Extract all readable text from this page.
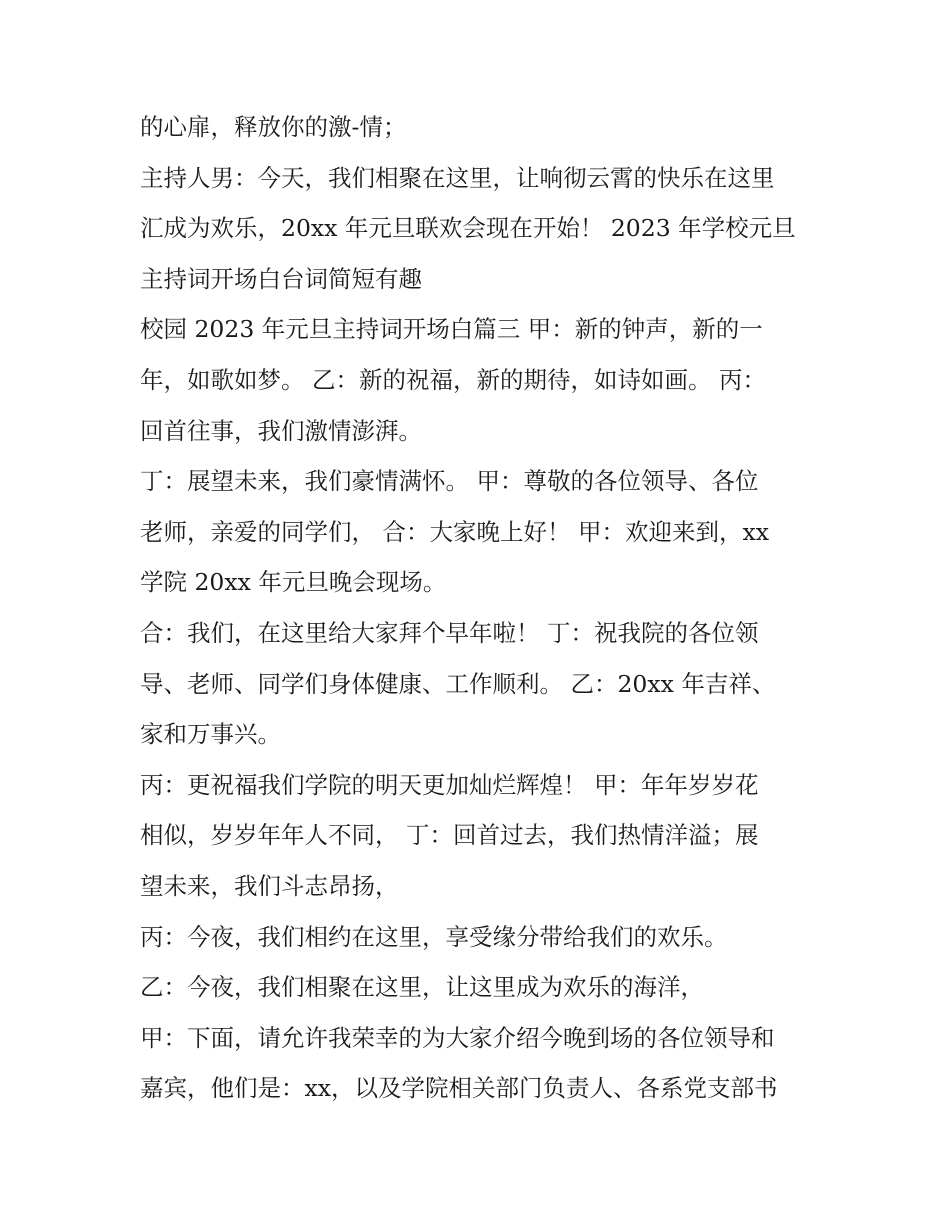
的心扉，释放你的激-情；
主持人男：今天，我们相聚在这里，让响彻云霄的快乐在这里
汇成为欢乐，20xx 年元旦联欢会现在开始！ 2023 年学校元旦
主持词开场白台词简短有趣
校园 2023 年元旦主持词开场白篇三 甲：新的钟声，新的一
年，如歌如梦。 乙：新的祝福，新的期待，如诗如画。 丙：
回首往事，我们激情澎湃。
丁：展望未来，我们豪情满怀。 甲：尊敬的各位领导、各位
老师，亲爱的同学们， 合：大家晚上好！ 甲：欢迎来到，xx
学院 20xx 年元旦晚会现场。
合：我们，在这里给大家拜个早年啦！ 丁：祝我院的各位领
导、老师、同学们身体健康、工作顺利。 乙：20xx 年吉祥、
家和万事兴。
丙：更祝福我们学院的明天更加灿烂辉煌！ 甲：年年岁岁花
相似，岁岁年年人不同， 丁：回首过去，我们热情洋溢；展
望未来，我们斗志昂扬，
丙：今夜，我们相约在这里，享受缘分带给我们的欢乐。
乙：今夜，我们相聚在这里，让这里成为欢乐的海洋，
甲：下面，请允许我荣幸的为大家介绍今晚到场的各位领导和
嘉宾，他们是：xx，以及学院相关部门负责人、各系党支部书
